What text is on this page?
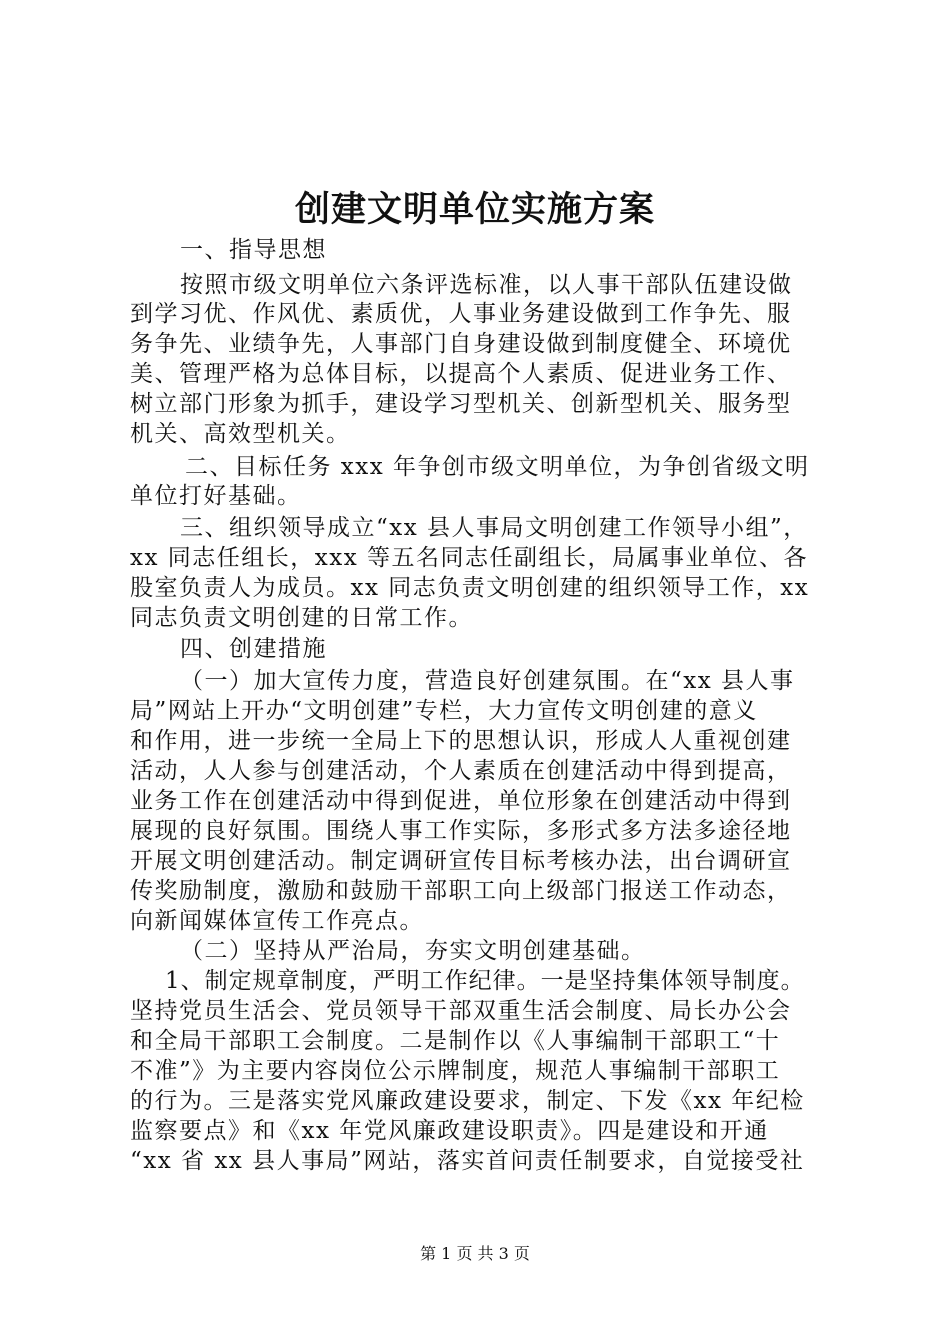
创建文明单位实施方案
一、指导思想
按照市级文明单位六条评选标准，以人事干部队伍建设做
到学习优、作风优、素质优，人事业务建设做到工作争先、服
务争先、业绩争先，人事部门自身建设做到制度健全、环境优
美、管理严格为总体目标，以提高个人素质、促进业务工作、
树立部门形象为抓手，建设学习型机关、创新型机关、服务型
机关、高效型机关。
二、目标任务 xxx 年争创市级文明单位，为争创省级文明
单位打好基础。
三、组织领导成立“xx 县人事局文明创建工作领导小组”，
xx 同志任组长，xxx 等五名同志任副组长，局属事业单位、各
股室负责人为成员。xx 同志负责文明创建的组织领导工作，xx
同志负责文明创建的日常工作。
四、创建措施
（一）加大宣传力度，营造良好创建氛围。在“xx 县人事
局”网站上开办“文明创建”专栏，大力宣传文明创建的意义
和作用，进一步统一全局上下的思想认识，形成人人重视创建
活动，人人参与创建活动，个人素质在创建活动中得到提高，
业务工作在创建活动中得到促进，单位形象在创建活动中得到
展现的良好氛围。围绕人事工作实际，多形式多方法多途径地
开展文明创建活动。制定调研宣传目标考核办法，出台调研宣
传奖励制度，激励和鼓励干部职工向上级部门报送工作动态，
向新闻媒体宣传工作亮点。
（二）坚持从严治局，夯实文明创建基础。
1、制定规章制度，严明工作纪律。一是坚持集体领导制度。
坚持党员生活会、党员领导干部双重生活会制度、局长办公会
和全局干部职工会制度。二是制作以《人事编制干部职工“十
不准”》为主要内容岗位公示牌制度，规范人事编制干部职工
的行为。三是落实党风廉政建设要求，制定、下发《xx 年纪检
监察要点》和《xx 年党风廉政建设职责》。四是建设和开通
“xx 省 xx 县人事局”网站，落实首问责任制要求，自觉接受社
第 1 页 共 3 页
